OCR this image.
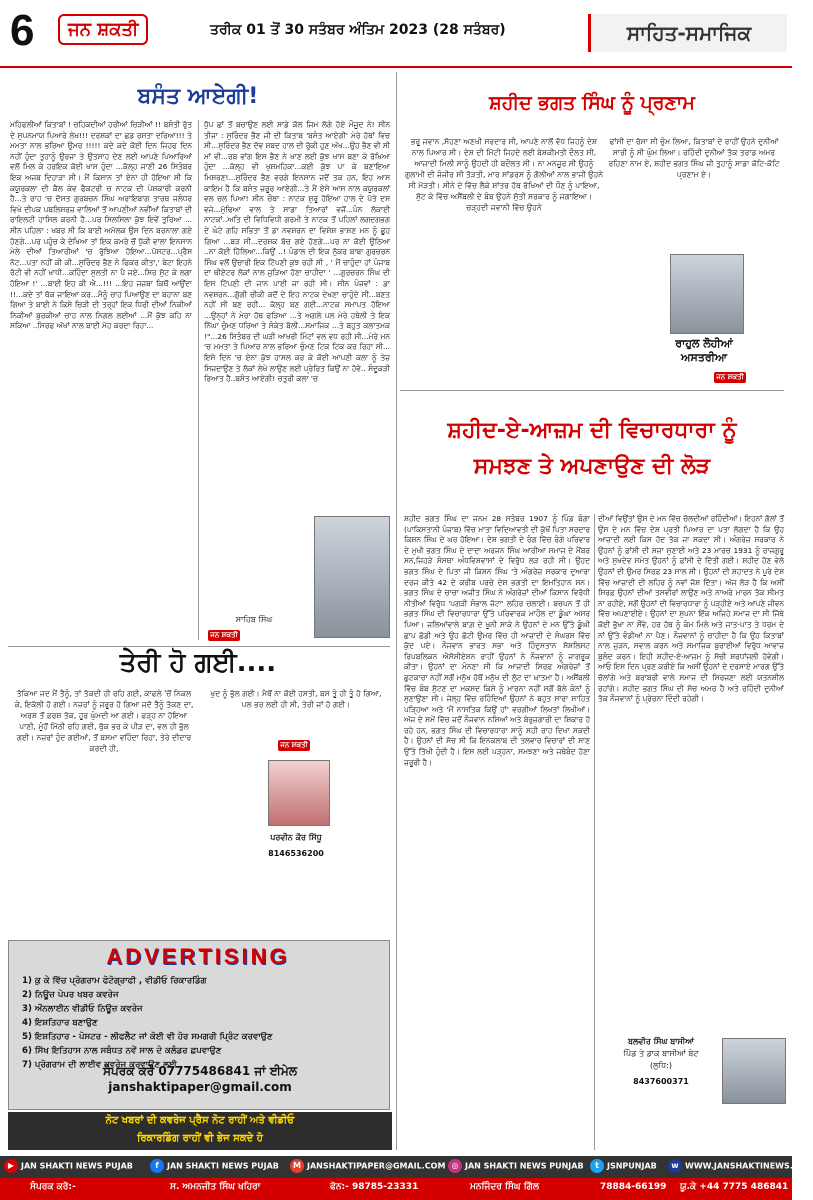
6	ਜਨ ਸ਼ਕਤੀ	ਤਰੀਕ 01 ਤੋਂ 30 ਸਤੰਬਰ ਅੰਤਿਮ 2023 (28 ਸਤੰਬਰ)	ਸਾਹਿਤ-ਸਮਾਜਿਕ
ਬਸੰਤ ਆਏਗੀ!
ਮਹਿਫਲੀਆਂ ਕਿਤਾਬਾਂ ! ਚਹਿਕਦੀਆਂ ਹਰੀਆਂ ਚਿੜੀਆਂ !! ਬਸੰਤੀ ਰੁੱਤ ਦੇ ਸੁਪਨਮਾਯ ਪਿਆਰੇ ਲੇਖ!!! ਦਰਸ਼ਕਾਂ ਦਾ ਛਡ ਰਸਤਾ ਦਰਿਆ!!! ਤੇ ਮਮਤਾ ਨਾਲ ਭਰਿਆ ਉਮਰ !!!!! ਕਦੇ ਕਦੇ ਕੋਈ ਦਿਨ ਜਿਹਫ ਦਿਨ ਨਹੀਂ ਹੁੰਦਾ ਤੁਹਾਨੂੰ ਉਰਜਾ ਤੇ ਉਤਸ਼ਾਹ ਦੇਣ ਲਈ ਆਪਣੇ ਪਿਆਰਿਆਂ ਵਲੋਂ ਮਿਲ ਕੇ ਹਰਇਕ ਕੋਈ ਖਾਸ ਹੁੰਦਾ ...ਕੱਲ੍ਹ ਜਾਣੀ 26 ਸਿਤੰਬਰ ਇਕ ਅਜਬ ਦਿਹਾੜਾ ਸੀ। ਮੈਂ ਕਿਸਾਨ ਤਾਂ ਏਨਾ ਹੀ ਹੋਇਆ ਸੀ ਕਿ ਕਯੂਰਕਲਾ ਦੀ ਕੈਲ ਕੇਵ ਫੈਕਟਰੀ ਚ ਨਾਟਕ ਦੀ ਪੇਸ਼ਕਾਰੀ ਕਰਨੀ ਹੈ...ਤੇ ਰਾਹ 'ਚ ਦੋਸਤ ਗੁਰਬਚਨ ਸਿੰਘ ਅਰਾਇਬਾਗ ਤਾਰਥ ਜਲੰਧਰ ਵਿਖੇ ਦੀਪਕ ਪਬਲਿਸ਼ਰਜ਼ ਵਾਲਿਆਂ ਤੋਂ ਆਪਣੀਆਂ ਨਵੀਂਆਂ ਕਿਤਾਬਾਂ ਦੀ ਰਾਇਲਟੀ ਹਾਸਿਲ ਕਰਨੀ ਹੈ...ਪਰ ਸਿਲਸਿਲਾ ਕੁੱਝ ਇਵੇਂ ਤੁਰਿਆ ... ਸੀਨ ਪਹਿਲਾ : ਖਬਰ ਸੀ ਕਿ ਬਾਈ ਅਮੋਲਕ ਉਸ ਦਿਨ ਬਰਨਾਲਾ ਗਏ ਹੋਣਗੇ...ਪਰ ਪਹੁੰਚ ਕੇ ਦੇਖਿਆ ਤਾਂ ਇਕ ਕਮਰੇ ਚੋਂ ਧੁੱਕੀ ਵਾਲਾ ਇਨਸਾਨ ਮੇਲੇ ਦੀਆਂ ਤਿਆਰੀਆਂ 'ਚ ਰੁੱਝਿਆ ਹੋਇਆ...ਪੋਸਟਰ...ਪ੍ਰੈਸ ਨੋਟ...ਪਤਾ ਨਹੀਂ ਕੀ ਕੀ...ਸੁਰਿੰਦਰ ਭੈਣ ਨੇ ਫਿਕਰ ਕੀਤਾ,' ਬੇਟਾ ਇਹਨੇ ਰੋਟੀ ਵੀ ਨਹੀਂ ਖਾਧੀ...ਕਹਿੰਦਾ ਸੁਲਤੀ ਨਾ ਪੈ ਜਏ...ਸਿਰ ਸੁੱਟ ਕੇ ਲਗਾ ਹੋਇਆ !' ...ਬਾਈ ਇਹ ਕੀ ਐ...!!! ...ਇਹ ਜਜ਼ਬਾ ਕਿਥੋਂ ਆਉਂਦਾ !!...ਕਦੇ ਤਾਂ ਥੱਕ ਜਾਇਆ ਕਰ...ਮੈਨੂੰ ਚਾਹ ਪਿਆਉਣ ਦਾ ਬਹਾਨਾ ਬਣ ਗਿਆ ਤੇ ਬਾਈ ਨੇ ਕਿਸੇ ਚਿੜੀ ਦੀ ਤਰ੍ਹਾਂ ਇਕ ਧਿਰੀ ਦੀਆਂ ਨਿਕੀਆਂ ਨਿਕੀਆਂ ਬੁਰਕੀਆਂ ਚਾਹ ਨਾਲ ਨਿਗਲ ਲਈਆਂ ...ਮੈਂ ਕੁੱਝ ਕਹਿ ਨਾ ਸਕਿਆ ..ਸਿਰਫ ਅੱਖਾਂ ਨਾਲ ਬਾਈ ਮੋਹ ਕਰਦਾ ਰਿਹਾ...
ਧੁੱਪ ਛਾਂ ਤੋਂ ਬਚਾਉਣ ਲਈ ਸਾਡੇ ਕੋਲ ਜਿਮ ਲੱਗੇ ਹੋਏ ਮੌਜੂਦ ਨੇ! ਸੀਨ ਤੀਜਾ : ਸੁਰਿੰਦਰ ਭੈਣ ਜੀ ਦੀ ਕਿਤਾਬ 'ਬਸੰਤ ਆਏਗੀ' ਮੇਰੇ ਹੱਥਾਂ ਵਿਚ ਸੀ...ਸੁਰਿੰਦਰ ਭੈਣ ਦੋਵ ਸ਼ਬਦ ਹਾਲ ਦੀ ਰੁੱਕੀ ਹੁਣ ਅੱਖ...ਉਹ ਭੈਣ ਵੀ ਸੀ ਮਾਂ ਵੀ...ਰਬ ਵਾਂਗ ਇਸ ਭੈਣ ਨੇ ਖਾਣ ਲਈ ਕੁੱਝ ਖਾਸ ਬਣਾ ਕੇ ਰੱਖਿਆ ਹੁੰਦਾ ...ਕੱਲ੍ਹ ਵੀ ਖੁਸ਼ਮਹਿਕਾ...ਕਈ ਕੁੱਝ ਪਾ ਕੇ ਬਣਾਇਆ ਮਿਸ਼ਰਣ!...ਸੁਰਿੰਦਰ ਭੈਣ ਵਰਗੇ ਇਨਸਾਨ ਜਦੋਂ ਤਕ ਹਨ, ਇਹ ਆਸ ਕਾਇਮ ਹੈ ਕਿ ਬਸੰਤ ਜ਼ਰੂਰ ਆਏਗੀ...ਤੇ ਮੈਂ ਏਸੇ ਆਸ ਨਾਲ ਕਯੂਰਕਲਾਂ ਵਲ ਚਲ ਪਿਆ! ਸੀਨ ਚੌਥਾ : ਨਾਟਕ ਸ਼ੁਰੂ ਹੋਇਆ ਹਾਲ ਦੇ ਪੱਤੇ ਦਸ ਵਜੇ...ਮੁੱਢਿਆ ਵਾਲ ਤੇ ਸਾਡਾ ਤਿਆਰਾਂ ਵਜੋਂ...ਪੰਨ ਲੋਕਾਈ ਨਾਟਕਾਂ..ਅਤਿ ਦੀ ਵਿਧਿਵਿਧੀ ਗਰਮੀ ਤੇ ਨਾਟਕ ਤੋਂ ਪਹਿਲਾਂ ਲਗਦਗਭਗ ਦੇ ਘੰਟੇ ਗਹਿ ਸਭਿਤਾ ਤੋਂ ਡਾ ਨਵਸ਼ਰਨ ਦਾ ਵਿਸ਼ੇਸ਼ ਭਾਸ਼ਣ ਮਨ ਨੂੰ ਛੂਹ ਗਿਆ ...ਬੜ ਸੀ...ਦਰਸ਼ਕ ਬੱਚ ਗਏ ਹੋਣਗੇ...ਪਰ ਨਾ ਕੋਈ ਉਠਿਆ ..ਨਾ ਕੋਈ ਹਿੱਲਿਆ...ਕਿਉਂ ..! ਪੰਡਾਲ ਦੀ ਇਕ ਨੁੱਕਰ ਬਾਬਾ ਗੁਰਚਰਨ ਸਿੰਘ ਵਲੋਂ ਉਚਾਰੀ ਇਕ ਟਿੱਪਣੀ ਕੁਝ ਰਹੀ ਸੀ , ' ਮੈਂ ਚਾਹੁੰਦਾ ਹਾਂ ਪੰਜਾਬ ਦਾ ਥੀਏਟਰ ਲੋਕਾਂ ਨਾਲ ਜੁੜਿਆ ਹੋਣਾ ਚਾਹੀਦਾ ' ...ਗੁਰਚਰਨ ਸਿੰਘ ਦੀ ਇਸ ਟਿੱਪਣੀ ਦੀ ਜਾਨ ਪਾਈ ਜਾ ਰਹੀ ਸੀ। ਸੀਨ ਪੰਜਵਾਂ : ਡਾ ਨਵਸ਼ਰਨ...ਗੁੱਗੀ ਚੀਕੀ ਕਦੋਂ ਦੇ ਇਹ ਨਾਟਕ ਦੇਖਣਾ ਚਾਹੁੰਦੇ ਸੀ...ਬਣਤ ਨਹੀਂ ਸੀ ਬਣ ਰਹੀ... ਕੱਲ੍ਹ ਬਣ ਗਈ...ਨਾਟਕ ਸਮਾਪਤ ਹੋਇਆ ...ਉਨ੍ਹਾਂ ਨੇ ਮੇਰਾ ਹੱਥ ਫੜਿਆ ...ਤੇ ਅਗਲੇ ਪਲ ਮੇਰੇ ਹਥੇਲੀ ਤੇ ਇਕ ਨਿੱਘਾ ਚੁੰਮਣ ਧਰਿਆ ਤੇ ਸੰਕੇਤ ਬੋਲੀ...ਸਮਾਜਿਕ ...ਤੇ ਬਹੁਤ ਕਲਾਤਮਕ !"...26 ਸਿਤੰਬਰ ਦੀ ਘੜੀ ਆਖਰੀ ਮਿੰਟਾਂ ਵਲ ਵਧ ਰਹੀ ਸੀ...ਮੇਰੇ ਮਨ 'ਚ ਮਮਤਾ ਤੇ ਪਿਆਰ ਨਾਲ ਭਰਿਆ ਚੁੰਮਣ ਟਿਕ ਟਿਕ ਕਰ ਰਿਹਾ ਸੀ... ਇਸੇ ਦਿਨ 'ਚ ਏਨਾ ਕੁੱਝ ਹਾਸਲ ਕਰ ਕੇ ਕੋਈ ਆਪਣੀ ਕਲਾ ਨੂੰ ਤੇਜ਼ ਸਿਜਦਾਉਣ ਤੇ ਲੋਕਾਂ ਲੇਖੇ ਲਾਉਣ ਲਈ ਪ੍ਰੇਰਿਤ ਕਿਉਂ ਨਾ ਹੋਵੇ.. ਸੰਦੂਕੜੀ ਰਿਆਤ ਹੈ..ਬਸੰਤ ਆਏਗੀ! ਚਤੁਰੀ ਕਲਾ 'ਚ
ਸਾਹਿਬ ਸਿੰਘ
ਜਨ ਸ਼ਕਤੀ
ਤੇਰੀ ਹੋ ਗਈ....
ਤੱਕਿਆ ਜਦ ਮੈਂ ਤੈਨੂੰ, ਤਾਂ ਤੱਕਦੀ ਹੀ ਰਹਿ ਗਈ, ਕਾਫਲੇ 'ਚੋਂ ਨਿਕਲ ਕੇ, ਇਕੱਲੀ ਹੋ ਗਈ। ਨਜ਼ਰਾਂ ਨੂੰ ਜ਼ਰੂਰ ਹੋ ਗਿਆ ਜਦੋ ਤੈਨੂੰ ਤੱਕਣ ਦਾ, ਅਰਸ਼ ਤੋਂ ਫ਼ਰਸ਼ ਤੱਕ, ਹੂਰ ਘੁੰਮਦੀ ਆ ਗਈ। ਫੜ੍ਹ ਨਾ ਹੋਇਆ ਪਾਣੀ, ਮੂੰਹੋਂ ਮਿੱਠੀ ਰਹਿ ਗਈ, ਥੁੱਕ ਭਰ ਕੇ ਪੀੜ ਦਾ, ਵਲ ਹੀ ਭੁੱਲ ਗਈ। ਨਜ਼ਰਾਂ ਹੁੰਦ ਗਈਆਂ, ਤੋਂ ਬਸਮਾ ਵਹਿੰਦਾ ਰਿਹਾ, ਤੇਰੇ ਦੀਦਾਰ ਕਰਦੀ ਹੀ,
ਖੁਦ ਨੂੰ ਭੁੱਲ ਗਈ। ਮੈਥੋਂ ਨਾ ਕੋਈ ਹਸਤੀ, ਬਸ ਤੂੰ ਹੀ ਤੂੰ ਹੋ ਗਿਆ, ਪਲ ਭਰ ਲਈ ਹੀ ਸੀ, ਤੇਰੀ ਜਾਂ ਹੋ ਗਈ।
ਜਨ ਸ਼ਕਤੀ
ਪਰਵੀਨ ਕੌਰ ਸਿੱਧੂ
8146536200
ADVERTISING
1) ਕੁ ਕੇ ਵਿੱਚ ਪ੍ਰੋਗਰਾਮ ਫੋਟੋਗ੍ਰਾਫੀ , ਵੀਡੀਓ ਰਿਕਾਰਡਿੰਗ
2) ਨਿਊਜ਼ ਪੇਪਰ ਖਬਰ ਕਵਰੇਜ
3) ਔਨਲਾਈਨ ਵੀਡੀਓ ਨਿਊਜ਼ ਕਵਰੇਜ
4) ਇਸ਼ਤਿਹਾਰ ਬਣਾਉਣ
5) ਇਸ਼ਤਿਹਾਰ - ਪੋਸਟਰ - ਲੀਫਲੈਟ ਜਾਂ ਕੋਈ ਵੀ ਹੋਰ ਸਮਗਰੀ ਪ੍ਰਿੰਟ ਕਰਵਾਉਣ
6) ਸਿੱਖ ਇਤਿਹਾਸ ਨਾਲ ਸਬੰਧਤ ਨਵੇਂ ਸਾਲ ਦੇ ਕਲੰਡਰ ਛਪਵਾਉਣ
7) ਪ੍ਰੋਗਰਾਮ ਦੀ ਲਾਈਵ ਕਵਰੇਜ ਕਰਵਾਉਣ ਲਈ
ਸੰਪਰਕ ਕਰੋ 07775486841 ਜਾਂ ਈਮੇਲ
janshaktipaper@gmail.com
ਨੋਟ ਖਬਰਾਂ ਦੀ ਕਵਰੇਜ ਪ੍ਰੈਸ ਨੋਟ ਰਾਹੀਂ ਅਤੇ ਵੀਡੀਓ
ਰਿਕਾਰਡਿੰਗ ਰਾਹੀਂ ਵੀ ਭੇਜ ਸਕਦੇ ਹੋ
ਸ਼ਹੀਦ ਭਗਤ ਸਿੰਘ ਨੂੰ ਪ੍ਰਣਾਮ
ਭਰੂ ਜਵਾਨ ,ਸੋਹਣਾ ਅਣਖੀ ਸਰਦਾਰ ਸੀ, ਆਪਣੇ ਨਾਲੋਂ ਵੱਧ ਜਿਹਨੂੰ ਦੇਸ਼ ਨਾਲ ਪਿਆਰ ਸੀ। ਦੇਸ਼ ਦੀ ਮਿੱਟੀ ਜਿਹਦੇ ਲਈ ਬੇਸ਼ਕੀਮਤੀ ਦੌਲਤ ਸੀ, ਆਜ਼ਾਦੀ ਮਿਲੀ ਸਾਨੂੰ ਉਹਦੀ ਹੀ ਬਦੌਲਤ ਸੀ। ਨਾ ਮਨਜ਼ੂਰ ਸੀ ਉਹਨੂੰ ਗੁਲਾਮੀ ਦੀ ਜੰਜੀਰ ਸੀ ਤੋੜਤੀ, ਮਾਰ ਸਾਂਡਰਸ ਨੂੰ ਗੋਲੀਆਂ ਨਾਲ ਭਾਜੀ ਉਹਨੇ ਸੀ ਮੋੜਤੀ। ਸੀਨੇ ਦੇ ਵਿੱਚ ਲੈਕੇ ਸ਼ਾਂਤਰ ਹੱਥ ਰੱਖਿਆਂ ਦੀ ਧੌਣ ਨੂੰ ਪਾਇਆ, ਸੁੱਟ ਕੇ ਵਿੱਚ ਅਸੈਂਬਲੀ ਦੇ ਬੰਬ ਉਹਨੇ ਸੁੱਤੀ ਸਰਕਾਰ ਨੂੰ ਜਗਾਇਆ। ਚੜ੍ਹਦੀ ਜਵਾਨੀ ਵਿੱਚ ਉਹਨੇ
ਫਾਂਸੀ ਦਾ ਰੱਸਾ ਸੀ ਚੁੰਮ ਲਿਆ, ਕਿਤਾਬਾਂ ਦੇ ਰਾਹੀਂ ਉਹਨੇ ਦੁਨੀਆਂ ਸਾਰੀ ਨੂੰ ਸੀ ਘੁੰਮ ਲਿਆ। ਰਹਿੰਦੀ ਦੁਨੀਆਂ ਤੱਕ ਤਰਾਡ ਅਮਰ ਰਹਿਣਾ ਨਾਮ ਏ, ਸ਼ਹੀਦ ਭਗਤ ਸਿੰਘ ਜੀ ਤੁਹਾਨੂੰ ਸਾਡਾ ਕੋਟਿ-ਕੋਟਿ ਪ੍ਰਣਾਮ ਏ।
ਰਾਹੁਲ ਲੋਹੀਆਂ
ਅਸਤਰੀਆ
ਜਨ ਸ਼ਕਤੀ
ਸ਼ਹੀਦ-ਏ-ਆਜ਼ਮ ਦੀ ਵਿਚਾਰਧਾਰਾ ਨੂੰ
ਸਮਝਣ ਤੇ ਅਪਣਾਉਣ ਦੀ ਲੋੜ
ਸ਼ਹੀਦ ਭਗਤ ਸਿੰਘ ਦਾ ਜਨਮ 28 ਸਤੰਬਰ 1907 ਨੂੰ ਪਿੰਡ ਬੰਗਾ (ਪਾਕਿਸਤਾਨੀ ਪੰਜਾਬ) ਵਿੱਚ ਮਾਤਾ ਵਿਦਿਆਵਤੀ ਦੀ ਕੁੱਖੋਂ ਪਿਤਾ ਸਰਦਾਰ ਕਿਸ਼ਨ ਸਿੰਘ ਦੇ ਘਰ ਹੋਇਆ। ਦੇਸ਼ ਭਗਤੀ ਦੇ ਰੰਗ ਵਿੱਚ ਰੰਗੇ ਪਰਿਵਾਰ ਦੇ ਮੁਖੀ ਭਗਤ ਸਿੰਘ ਦੇ ਦਾਦਾ ਅਰਜਨ ਸਿੰਘ ਆਰੀਆ ਸਮਾਜ ਦੇ ਮੈਂਬਰ ਸਨ,ਜਿਹੜੇ ਸੰਸਥਾ ਅੰਧਵਿਸ਼ਵਾਸਾਂ ਦੇ ਵਿਰੁੱਧ ਲੜ ਰਹੀ ਸੀ। ਉਹਦ ਭਗਤ ਸਿੰਘ ਦੇ ਪਿਤਾ ਜੀ ਕਿਸ਼ਨ ਸਿੰਘ 'ਤੇ ਅੰਗਰੇਜ਼ ਸਰਕਾਰ ਦੁਆਰਾ ਦਰਜ ਕੀਤੇ 42 ਦੇ ਕਰੀਬ ਪਰਚੇ ਦੇਸ਼ ਭਗਤੀ ਦਾ ਇਮਤਿਹਾਨ ਸਨ। ਭਗਤ ਸਿੰਘ ਦੇ ਚਾਚਾ ਅਜੀਤ ਸਿੰਘ ਨੇ ਅੰਗਰੇਜ਼ਾਂ ਦੀਆਂ ਕਿਸਾਨ ਵਿਰੋਧੀ ਨੀਤੀਆਂ ਵਿਰੁੱਧ 'ਪਗੜੀ ਸੰਭਾਲ ਜੱਟਾ' ਲਹਿਰ ਚਲਾਈ। ਬਚਪਨ ਤੋਂ ਹੀ ਭਗਤ ਸਿੰਘ ਦੀ ਵਿਚਾਰਧਾਰਾ ਉੱਤੇ ਪਰਿਵਾਰਕ ਮਾਹੌਲ ਦਾ ਡੂੰਘਾ ਅਸਰ ਪਿਆ। ਜਲਿਆਂਵਾਲੇ ਬਾਗ਼ ਦੇ ਖੂਨੀ ਸਾਕੇ ਨੇ ਉਹਨਾਂ ਦੇ ਮਨ ਉੱਤੇ ਡੂੰਘੀ ਛਾਪ ਛੱਡੀ ਅਤੇ ਉਹ ਛੋਟੀ ਉਮਰ ਵਿੱਚ ਹੀ ਆਜ਼ਾਦੀ ਦੇ ਸੰਘਰਸ਼ ਵਿੱਚ ਕੁੱਦ ਪਏ। ਨੌਜਵਾਨ ਭਾਰਤ ਸਭਾ ਅਤੇ ਹਿੰਦੁਸਤਾਨ ਸੋਸ਼ਲਿਸਟ ਰਿਪਬਲਿਕਨ ਐਸੋਸੀਏਸ਼ਨ ਰਾਹੀਂ ਉਹਨਾਂ ਨੇ ਨੌਜਵਾਨਾਂ ਨੂੰ ਜਾਗਰੂਕ ਕੀਤਾ। ਉਹਨਾਂ ਦਾ ਮੰਨਣਾ ਸੀ ਕਿ ਆਜ਼ਾਦੀ ਸਿਰਫ਼ ਅੰਗਰੇਜ਼ਾਂ ਤੋਂ ਛੁਟਕਾਰਾ ਨਹੀਂ ਸਗੋਂ ਮਨੁੱਖ ਹੱਥੋਂ ਮਨੁੱਖ ਦੀ ਲੁੱਟ ਦਾ ਖ਼ਾਤਮਾ ਹੈ। ਅਸੈਂਬਲੀ ਵਿੱਚ ਬੰਬ ਸੁੱਟਣ ਦਾ ਮਕਸਦ ਕਿਸੇ ਨੂੰ ਮਾਰਨਾ ਨਹੀਂ ਸਗੋਂ ਬੋਲੇ ਕੰਨਾਂ ਨੂੰ ਸੁਣਾਉਣਾ ਸੀ। ਜੇਲ੍ਹ ਵਿੱਚ ਰਹਿੰਦਿਆਂ ਉਹਨਾਂ ਨੇ ਬਹੁਤ ਸਾਰਾ ਸਾਹਿਤ ਪੜ੍ਹਿਆ ਅਤੇ 'ਮੈਂ ਨਾਸਤਿਕ ਕਿਉਂ ਹਾਂ' ਵਰਗੀਆਂ ਲਿਖਤਾਂ ਲਿਖੀਆਂ। ਅੱਜ ਦੇ ਸਮੇਂ ਵਿੱਚ ਜਦੋਂ ਨੌਜਵਾਨ ਨਸ਼ਿਆਂ ਅਤੇ ਬੇਰੁਜ਼ਗਾਰੀ ਦਾ ਸ਼ਿਕਾਰ ਹੋ ਰਹੇ ਹਨ, ਭਗਤ ਸਿੰਘ ਦੀ ਵਿਚਾਰਧਾਰਾ ਸਾਨੂੰ ਸਹੀ ਰਾਹ ਦਿਖਾ ਸਕਦੀ ਹੈ। ਉਹਨਾਂ ਦੀ ਸੋਚ ਸੀ ਕਿ ਇਨਕਲਾਬ ਦੀ ਤਲਵਾਰ ਵਿਚਾਰਾਂ ਦੀ ਸਾਣ ਉੱਤੇ ਤਿੱਖੀ ਹੁੰਦੀ ਹੈ। ਇਸ ਲਈ ਪੜ੍ਹਨਾ, ਸਮਝਣਾ ਅਤੇ ਜਥੇਬੰਦ ਹੋਣਾ ਜ਼ਰੂਰੀ ਹੈ।
ਦੀਆਂ ਵਿਉਂਤਾਂ ਉਸ ਦੇ ਮਨ ਵਿੱਚ ਚੱਲਦੀਆਂ ਰਹਿੰਦੀਆਂ। ਇਹਨਾਂ ਗੱਲਾਂ ਤੋਂ ਉਸ ਦੇ ਮਨ ਵਿੱਚ ਦੇਸ਼ ਪ੍ਰਤੀ ਪਿਆਰ ਦਾ ਪਤਾ ਲੱਗਦਾ ਹੈ ਕਿ ਉਹ ਆਜ਼ਾਦੀ ਲਈ ਕਿਸ ਹੱਦ ਤੱਕ ਜਾ ਸਕਦਾ ਸੀ। ਅੰਗਰੇਜ਼ ਸਰਕਾਰ ਨੇ ਉਹਨਾਂ ਨੂੰ ਫ਼ਾਂਸੀ ਦੀ ਸਜ਼ਾ ਸੁਣਾਈ ਅਤੇ 23 ਮਾਰਚ 1931 ਨੂੰ ਰਾਜਗੁਰੂ ਅਤੇ ਸੁਖਦੇਵ ਸਮੇਤ ਉਹਨਾਂ ਨੂੰ ਫ਼ਾਂਸੀ ਦੇ ਦਿੱਤੀ ਗਈ। ਸ਼ਹੀਦ ਹੋਣ ਵੇਲੇ ਉਹਨਾਂ ਦੀ ਉਮਰ ਸਿਰਫ਼ 23 ਸਾਲ ਸੀ। ਉਹਨਾਂ ਦੀ ਸ਼ਹਾਦਤ ਨੇ ਪੂਰੇ ਦੇਸ਼ ਵਿੱਚ ਆਜ਼ਾਦੀ ਦੀ ਲਹਿਰ ਨੂੰ ਨਵਾਂ ਜੋਸ਼ ਦਿੱਤਾ। ਅੱਜ ਲੋੜ ਹੈ ਕਿ ਅਸੀਂ ਸਿਰਫ਼ ਉਹਨਾਂ ਦੀਆਂ ਤਸਵੀਰਾਂ ਲਾਉਣ ਅਤੇ ਨਾਅਰੇ ਮਾਰਨ ਤੱਕ ਸੀਮਤ ਨਾ ਰਹੀਏ, ਸਗੋਂ ਉਹਨਾਂ ਦੀ ਵਿਚਾਰਧਾਰਾ ਨੂੰ ਪੜ੍ਹੀਏ ਅਤੇ ਆਪਣੇ ਜੀਵਨ ਵਿੱਚ ਅਪਣਾਈਏ। ਉਹਨਾਂ ਦਾ ਸੁਪਨਾ ਇੱਕ ਅਜਿਹੇ ਸਮਾਜ ਦਾ ਸੀ ਜਿੱਥੇ ਕੋਈ ਭੁੱਖਾ ਨਾ ਸੌਂਵੇ, ਹਰ ਹੱਥ ਨੂੰ ਕੰਮ ਮਿਲੇ ਅਤੇ ਜਾਤ-ਪਾਤ ਤੇ ਧਰਮ ਦੇ ਨਾਂ ਉੱਤੇ ਵੰਡੀਆਂ ਨਾ ਪੈਣ। ਨੌਜਵਾਨਾਂ ਨੂੰ ਚਾਹੀਦਾ ਹੈ ਕਿ ਉਹ ਕਿਤਾਬਾਂ ਨਾਲ ਜੁੜਨ, ਸਵਾਲ ਕਰਨ ਅਤੇ ਸਮਾਜਿਕ ਬੁਰਾਈਆਂ ਵਿਰੁੱਧ ਆਵਾਜ਼ ਬੁਲੰਦ ਕਰਨ। ਇਹੀ ਸ਼ਹੀਦ-ਏ-ਆਜ਼ਮ ਨੂੰ ਸੱਚੀ ਸ਼ਰਧਾਂਜਲੀ ਹੋਵੇਗੀ। ਆਓ ਇਸ ਦਿਨ ਪ੍ਰਣ ਕਰੀਏ ਕਿ ਅਸੀਂ ਉਹਨਾਂ ਦੇ ਦਰਸਾਏ ਮਾਰਗ ਉੱਤੇ ਚੱਲਾਂਗੇ ਅਤੇ ਬਰਾਬਰੀ ਵਾਲੇ ਸਮਾਜ ਦੀ ਸਿਰਜਣਾ ਲਈ ਯਤਨਸ਼ੀਲ ਰਹਾਂਗੇ। ਸ਼ਹੀਦ ਭਗਤ ਸਿੰਘ ਦੀ ਸੋਚ ਅਮਰ ਹੈ ਅਤੇ ਰਹਿੰਦੀ ਦੁਨੀਆਂ ਤੱਕ ਨੌਜਵਾਨਾਂ ਨੂੰ ਪ੍ਰੇਰਨਾ ਦਿੰਦੀ ਰਹੇਗੀ।
ਬਲਵੀਰ ਸਿੰਘ ਬਾਸੀਆਂ
ਪਿੰਡ ਤੇ ਡਾਕ ਬਾਸੀਆਂ ਬੇਟ
(ਲੁਧਿ:)
8437600371
▶ JAN SHAKTI NEWS PUJAB	f JAN SHAKTI NEWS PUJAB	M JANSHAKTIPAPER@GMAIL.COM ◎ JAN SHAKTI NEWS PUNJAB	t JSNPUNJAB	w WWW.JANSHAKTINEWS.COM
ਸੰਪਰਕ ਕਰੋ:-	ਸ. ਅਮਨਜੀਤ ਸਿੰਘ ਖਹਿਰਾ	ਫੋਨ:- 98785-23331	ਮਨਜਿੰਦਰ ਸਿੰਘ ਗਿੱਲ	78884-66199 ਯੂ.ਕੇ +44 7775 486841
